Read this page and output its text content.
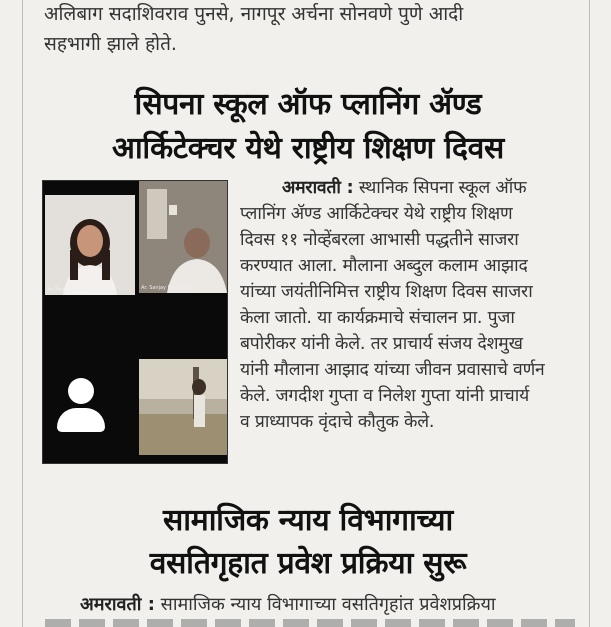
अलिबाग सदाशिवराव पुनसे, नागपूर अर्चना सोनवणे पुणे आदी
सहभागी झाले होते.
सिपना स्कूल ऑफ प्लानिंग ॲण्ड
आर्किटेक्चर येथे राष्ट्रीय शिक्षण दिवस
Ar. Pooja Bapodkar	Ar. Sanjay Deshmukh
अमरावती : स्थानिक सिपना स्कूल ऑफ
प्लानिंग ॲण्ड आर्किटेक्चर येथे राष्ट्रीय शिक्षण
दिवस ११ नोव्हेंबरला आभासी पद्धतीने साजरा
करण्यात आला. मौलाना अब्दुल कलाम आझाद
यांच्या जयंतीनिमित्त राष्ट्रीय शिक्षण दिवस साजरा
केला जातो. या कार्यक्रमाचे संचालन प्रा. पुजा
बपोरीकर यांनी केले. तर प्राचार्य संजय देशमुख
यांनी मौलाना आझाद यांच्या जीवन प्रवासाचे वर्णन
केले. जगदीश गुप्ता व निलेश गुप्ता यांनी प्राचार्य
व प्राध्यापक वृंदाचे कौतुक केले.
सामाजिक न्याय विभागाच्या
वसतिगृहात प्रवेश प्रक्रिया सुरू
अमरावती : सामाजिक न्याय विभागाच्या वसतिगृहांत प्रवेशप्रक्रिया
